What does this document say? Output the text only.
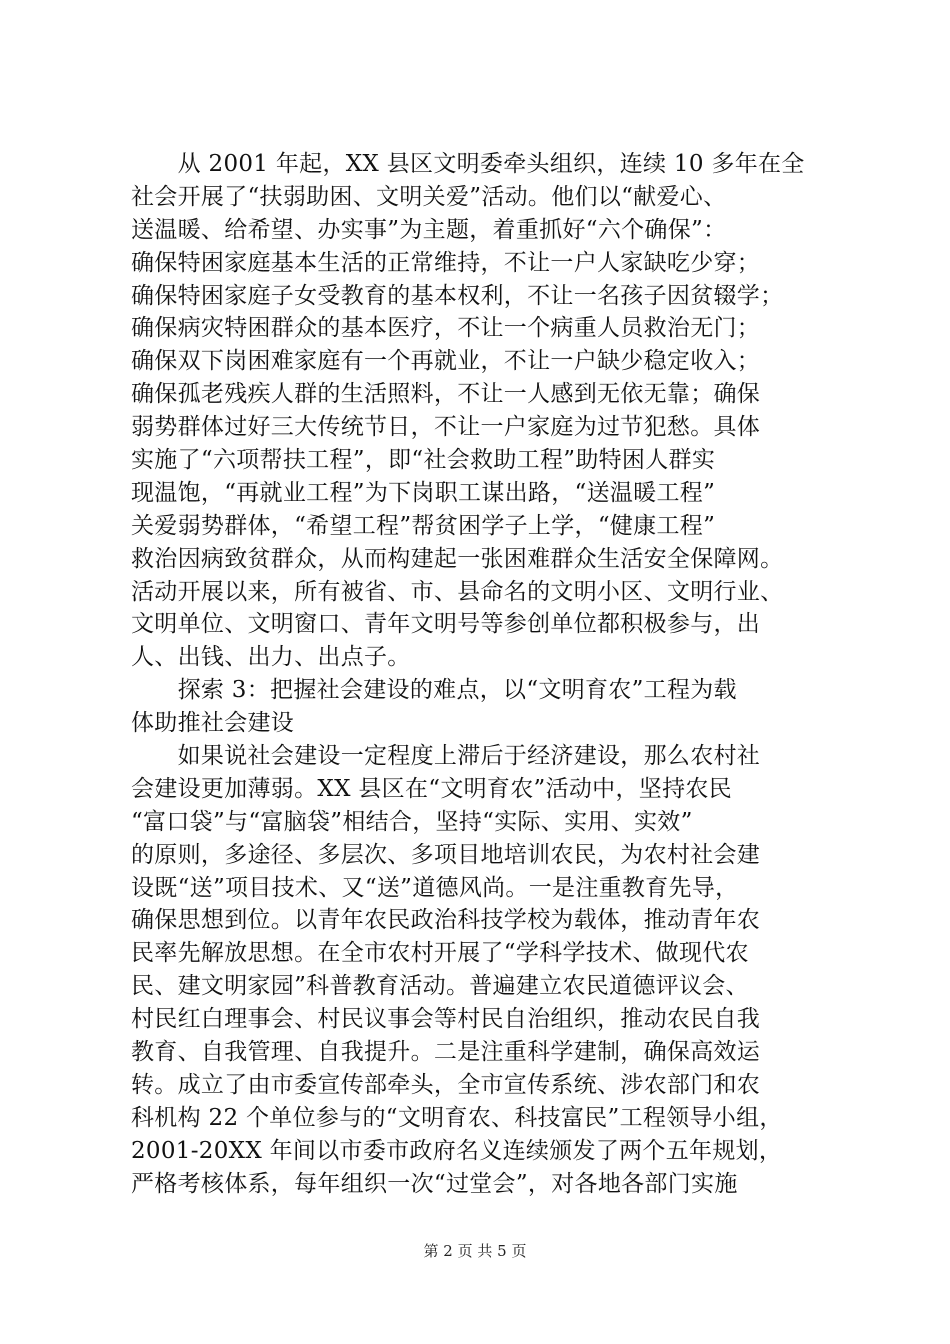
　　从 2001 年起，XX 县区文明委牵头组织，连续 10 多年在全
社会开展了“扶弱助困、文明关爱”活动。他们以“献爱心、
送温暖、给希望、办实事”为主题，着重抓好“六个确保”：
确保特困家庭基本生活的正常维持，不让一户人家缺吃少穿；
确保特困家庭子女受教育的基本权利，不让一名孩子因贫辍学；
确保病灾特困群众的基本医疗，不让一个病重人员救治无门；
确保双下岗困难家庭有一个再就业，不让一户缺少稳定收入；
确保孤老残疾人群的生活照料，不让一人感到无依无靠；确保
弱势群体过好三大传统节日，不让一户家庭为过节犯愁。具体
实施了“六项帮扶工程”，即“社会救助工程”助特困人群实
现温饱，“再就业工程”为下岗职工谋出路，“送温暖工程”
关爱弱势群体，“希望工程”帮贫困学子上学，“健康工程”
救治因病致贫群众，从而构建起一张困难群众生活安全保障网。
活动开展以来，所有被省、市、县命名的文明小区、文明行业、
文明单位、文明窗口、青年文明号等参创单位都积极参与，出
人、出钱、出力、出点子。
　　探索 3：把握社会建设的难点，以“文明育农”工程为载
体助推社会建设
　　如果说社会建设一定程度上滞后于经济建设，那么农村社
会建设更加薄弱。XX 县区在“文明育农”活动中，坚持农民
“富口袋”与“富脑袋”相结合，坚持“实际、实用、实效”
的原则，多途径、多层次、多项目地培训农民，为农村社会建
设既“送”项目技术、又“送”道德风尚。一是注重教育先导，
确保思想到位。以青年农民政治科技学校为载体，推动青年农
民率先解放思想。在全市农村开展了“学科学技术、做现代农
民、建文明家园”科普教育活动。普遍建立农民道德评议会、
村民红白理事会、村民议事会等村民自治组织，推动农民自我
教育、自我管理、自我提升。二是注重科学建制，确保高效运
转。成立了由市委宣传部牵头，全市宣传系统、涉农部门和农
科机构 22 个单位参与的“文明育农、科技富民”工程领导小组，
2001-20XX 年间以市委市政府名义连续颁发了两个五年规划，
严格考核体系，每年组织一次“过堂会”，对各地各部门实施
第 2 页 共 5 页
